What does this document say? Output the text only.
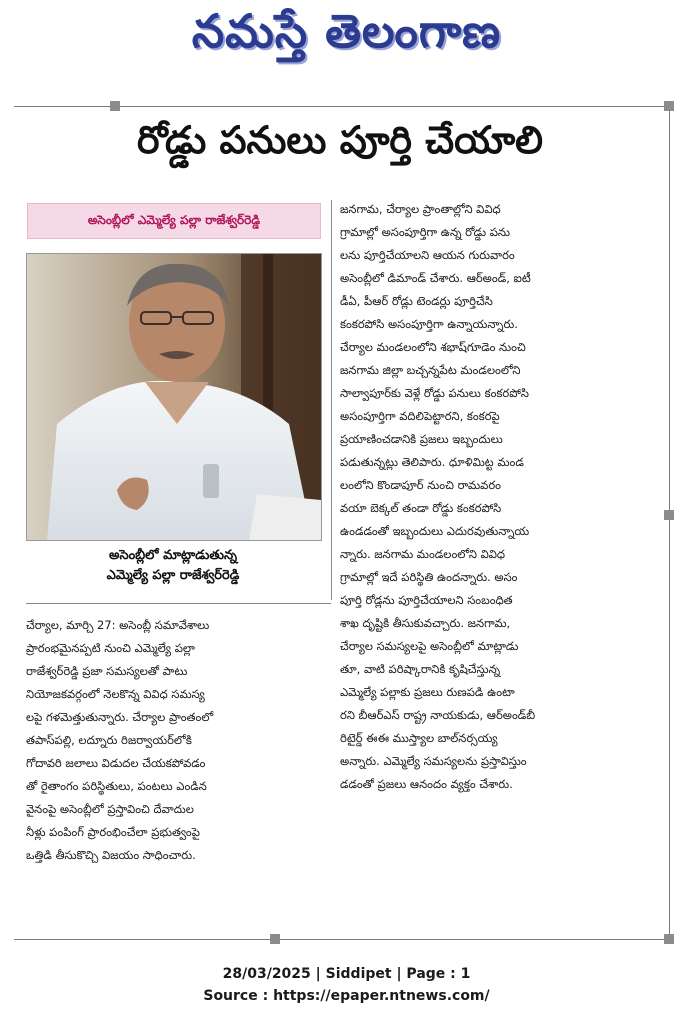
నమస్తే తెలంగాణ
రోడ్డు పనులు పూర్తి చేయాలి
అసెంబ్లీలో ఎమ్మెల్యే పల్లా రాజేశ్వర్‌రెడ్డి
అసెంబ్లీలో మాట్లాడుతున్న
ఎమ్మెల్యే పల్లా రాజేశ్వర్‌రెడ్డి
జనగామ, చేర్యాల ప్రాంతాల్లోని వివిధ
గ్రామాల్లో అసంపూర్తిగా ఉన్న రోడ్డు పను
లను పూర్తిచేయాలని ఆయన గురువారం
అసెంబ్లీలో డిమాండ్ చేశారు. ఆర్‌అండ్, ఐటీ
డీఏ, పీఆర్ రోడ్లు టెండర్లు పూర్తిచేసి
కంకరపోసి అసంపూర్తిగా ఉన్నాయన్నారు.
చేర్యాల మండలంలోని శభాష్‌గూడెం నుంచి
జనగామ జిల్లా బచ్చన్నపేట మండలంలోని
సాల్వాపూర్‌కు వెళ్లే రోడ్డు పనులు కంకరపోసి
అసంపూర్తిగా వదిలిపెట్టారని, కంకరపై
ప్రయాణించడానికి ప్రజలు ఇబ్బందులు
పడుతున్నట్లు తెలిపారు. ధూళిమిట్ట మండ
లంలోని కొండాపూర్ నుంచి రామవరం
వయా బెక్కల్ తండా రోడ్డు కంకరపోసి
ఉండడంతో ఇబ్బందులు ఎదురవుతున్నాయ
న్నారు. జనగామ మండలంలోని వివిధ
గ్రామాల్లో ఇదే పరిస్థితి ఉందన్నారు. అసం
పూర్తి రోడ్లను పూర్తిచేయాలని సంబంధిత
శాఖ దృష్టికి తీసుకువచ్చారు. జనగామ,
చేర్యాల సమస్యలపై అసెంబ్లీలో మాట్లాడు
తూ, వాటి పరిష్కారానికి కృషిచేస్తున్న
ఎమ్మెల్యే పల్లాకు ప్రజలు రుణపడి ఉంటా
రని బీఆర్‌ఎస్ రాష్ట్ర నాయకుడు, ఆర్‌అండ్‌బీ
రిటైర్డ్ ఈఈ ముస్త్యాల బాల్‌నర్సయ్య
అన్నారు. ఎమ్మెల్యే సమస్యలను ప్రస్తావిస్తుం
డడంతో ప్రజలు ఆనందం వ్యక్తం చేశారు.
చేర్యాల, మార్చి 27: అసెంబ్లీ సమావేశాలు
ప్రారంభమైనప్పటి నుంచి ఎమ్మెల్యే పల్లా
రాజేశ్వర్‌రెడ్డి ప్రజా సమస్యలతో పాటు
నియోజకవర్గంలో నెలకొన్న వివిధ సమస్య
లపై గళమెత్తుతున్నారు. చేర్యాల ప్రాంతంలో
తపాస్‌పల్లి, లద్నూరు రిజర్వాయర్‌లోకి
గోదావరి జలాలు విడుదల చేయకపోవడం
తో రైతాంగం పరిస్థితులు, పంటలు ఎండిన
వైనంపై అసెంబ్లీలో ప్రస్తావించి దేవాదుల
నీళ్లు పంపింగ్ ప్రారంభించేలా ప్రభుత్వంపై
ఒత్తిడి తీసుకొచ్చి విజయం సాధించారు.
28/03/2025 | Siddipet | Page : 1
Source : https://epaper.ntnews.com/
